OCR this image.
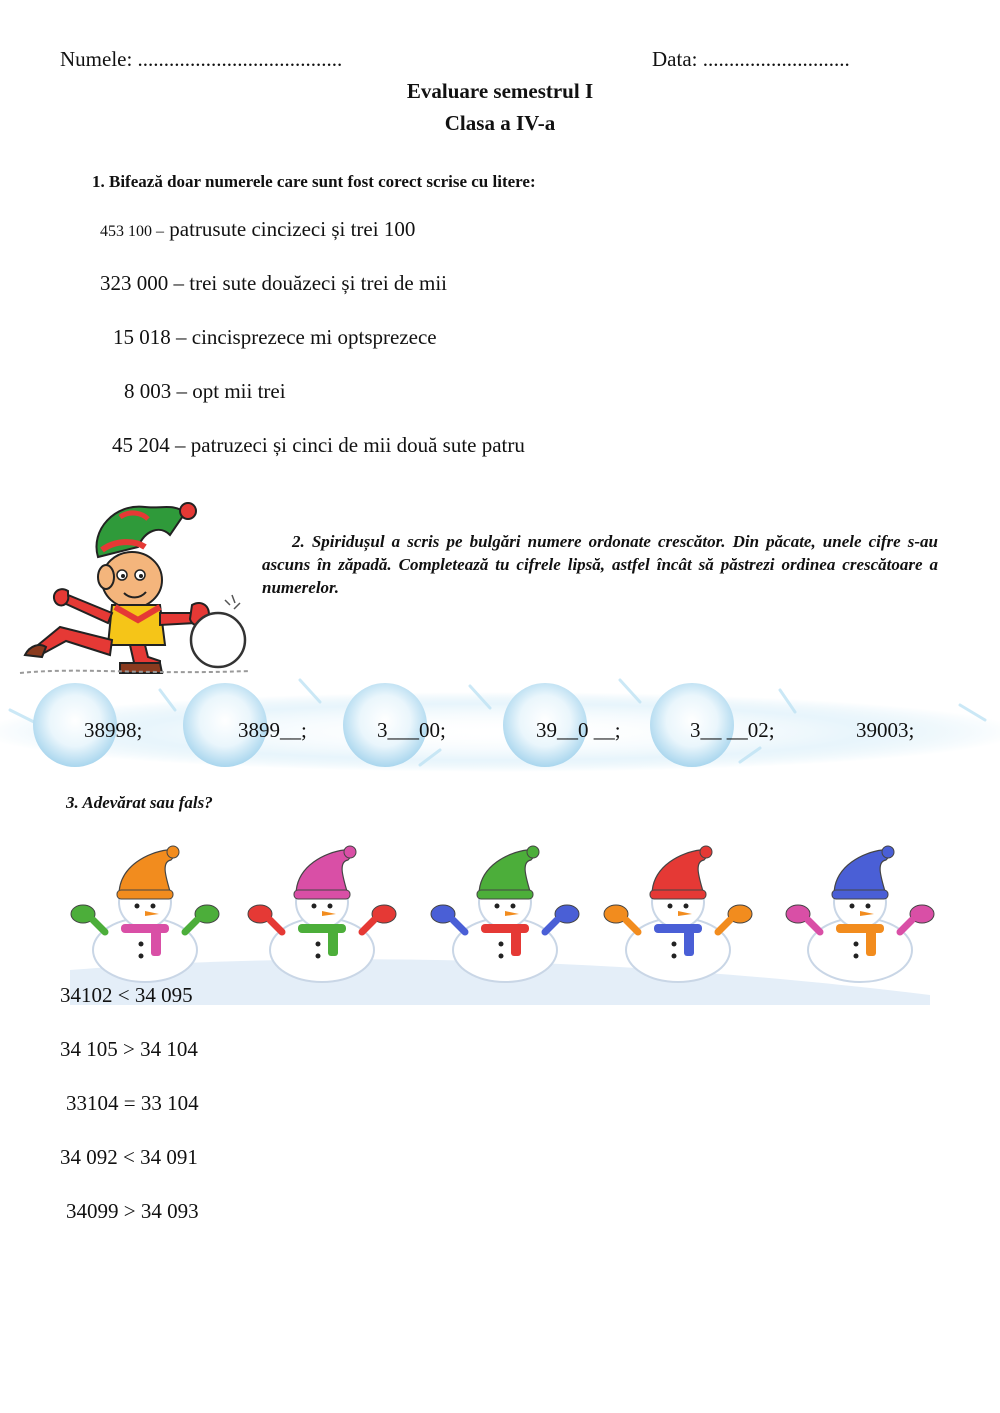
Numele: .......................................	Data: ............................
Evaluare semestrul I
Clasa a IV-a
1. Bifează doar numerele care sunt fost corect scrise cu litere:
453 100 – patrusute cincizeci și trei 100
323 000 – trei sute douăzeci și trei de mii
15 018 – cincisprezece mi optsprezece
8 003 – opt mii trei
45 204 – patruzeci și cinci de mii două sute patru
2. Spiridușul a scris pe bulgări numere ordonate crescător. Din păcate, unele cifre s-au ascuns în zăpadă. Completează tu cifrele lipsă, astfel încât să păstrezi ordinea crescătoare a numerelor.
38998;	3899__;	3___00;	39__0 __;	3__ __02;	39003;
3. Adevărat sau fals?
34102 < 34 095
34 105 > 34 104
33104 = 33 104
34 092 < 34 091
34099 > 34 093
